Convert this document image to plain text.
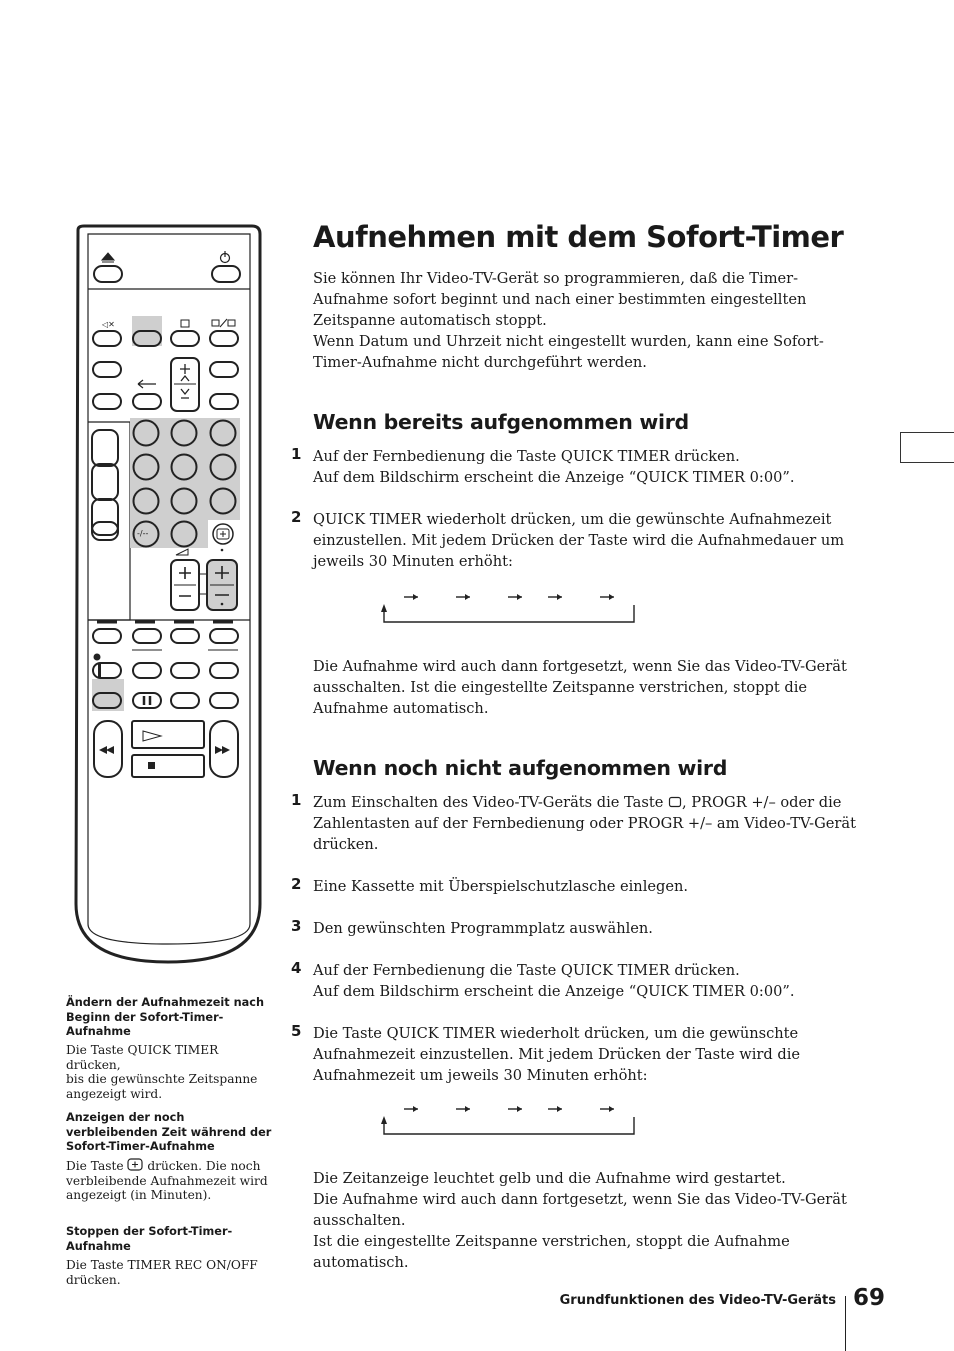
◁✕
-/--
Aufnehmen mit dem Sofort-Timer

Sie können Ihr Video-TV-Gerät so programmieren, daß die Timer-

Aufnahme sofort beginnt und nach einer bestimmten eingestellten

Zeitspanne automatisch stoppt.

Wenn Datum und Uhrzeit nicht eingestellt wurden, kann eine Sofort-

Timer-Aufnahme nicht durchgeführt werden.

Wenn bereits aufgenommen wird
1 Auf der Fernbedienung die Taste QUICK TIMER drücken.

Auf dem Bildschirm erscheint die Anzeige “QUICK TIMER 0:00”.

2 QUICK TIMER wiederholt drücken, um die gewünschte Aufnahmezeit

einzustellen. Mit jedem Drücken der Taste wird die Aufnahmedauer um

jeweils 30 Minuten erhöht:

Die Aufnahme wird auch dann fortgesetzt, wenn Sie das Video-TV-Gerät

ausschalten. Ist die eingestellte Zeitspanne verstrichen, stoppt die

Aufnahme automatisch.

Wenn noch nicht aufgenommen wird
1 Zum Einschalten des Video-TV-Geräts die Taste , PROGR +/– oder die

Zahlentasten auf der Fernbedienung oder PROGR +/– am Video-TV-Gerät

drücken.

2 Eine Kassette mit Überspielschutzlasche einlegen.

3 Den gewünschten Programmplatz auswählen.

4 Auf der Fernbedienung die Taste QUICK TIMER drücken.

Auf dem Bildschirm erscheint die Anzeige “QUICK TIMER 0:00”.

5 Die Taste QUICK TIMER wiederholt drücken, um die gewünschte

Aufnahmezeit einzustellen. Mit jedem Drücken der Taste wird die

Aufnahmezeit um jeweils 30 Minuten erhöht:

Die Zeitanzeige leuchtet gelb und die Aufnahme wird gestartet.

Die Aufnahme wird auch dann fortgesetzt, wenn Sie das Video-TV-Gerät

ausschalten.

Ist die eingestellte Zeitspanne verstrichen, stoppt die Aufnahme

automatisch.

Ändern der Aufnahmezeit nach
Beginn der Sofort-Timer-
Aufnahme
Die Taste QUICK TIMER drücken,
bis die gewünschte Zeitspanne
angezeigt wird.
Anzeigen der noch
verbleibenden Zeit während der
Sofort-Timer-Aufnahme
Die Taste drücken. Die noch
verbleibende Aufnahmezeit wird
angezeigt (in Minuten).
Stoppen der Sofort-Timer-
Aufnahme
Die Taste TIMER REC ON/OFF
drücken.
Grundfunktionen des Video-TV-Geräts 69
